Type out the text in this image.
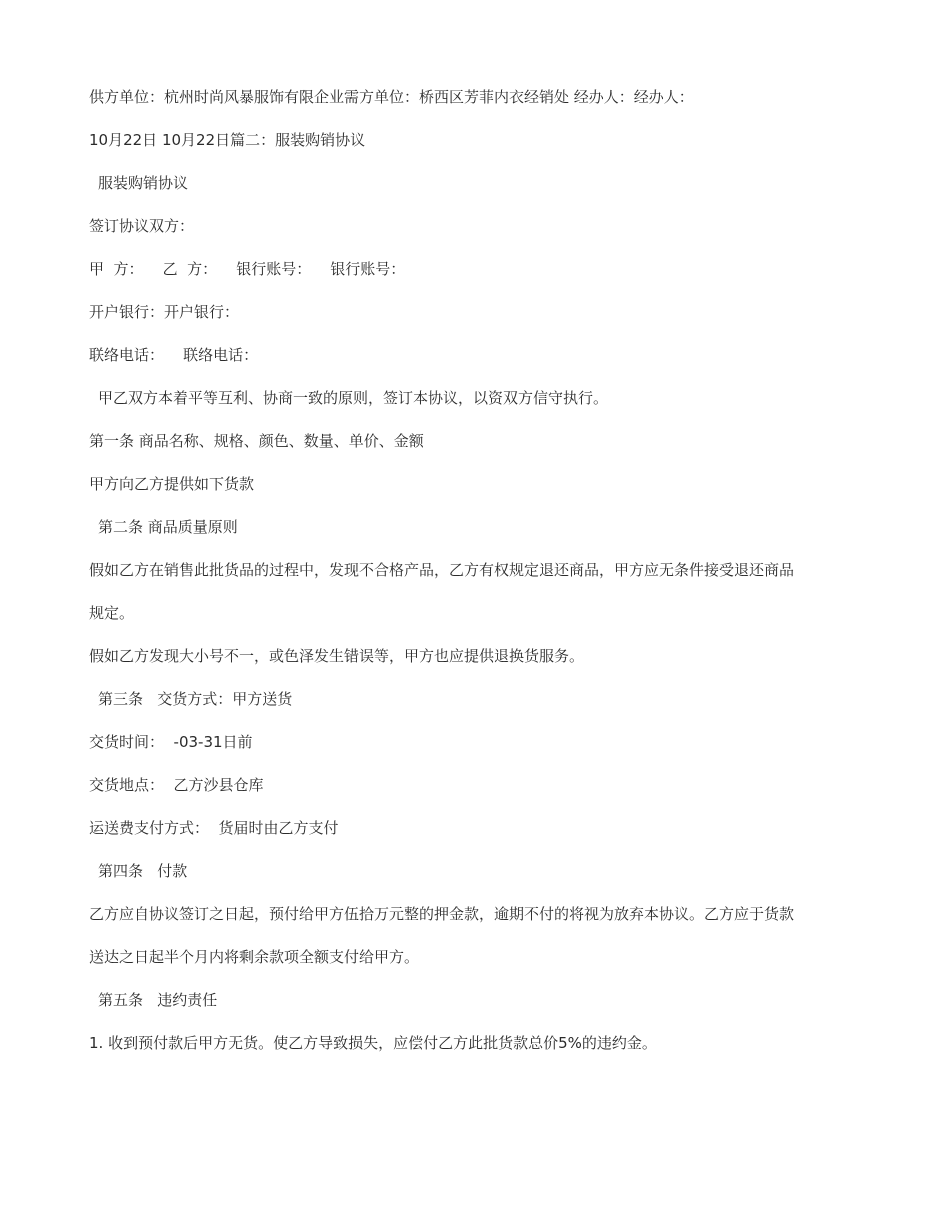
供方单位：杭州时尚风暴服饰有限企业需方单位：桥西区芳菲内衣经销处 经办人：经办人：

10月22日 10月22日篇二：服装购销协议

服装购销协议

签订协议双方：

甲  方：    乙  方：    银行账号：    银行账号：

开户银行：开户银行：

联络电话：    联络电话：

甲乙双方本着平等互利、协商一致的原则，签订本协议，以资双方信守执行。

第一条 商品名称、规格、颜色、数量、单价、金额

甲方向乙方提供如下货款

第二条 商品质量原则

假如乙方在销售此批货品的过程中，发现不合格产品，乙方有权规定退还商品，甲方应无条件接受退还商品

规定。

假如乙方发现大小号不一，或色泽发生错误等，甲方也应提供退换货服务。

第三条   交货方式：甲方送货

交货时间：  -03-31日前

交货地点：  乙方沙县仓库

运送费支付方式：  货届时由乙方支付

第四条   付款

乙方应自协议签订之日起，预付给甲方伍拾万元整的押金款，逾期不付的将视为放弃本协议。乙方应于货款

送达之日起半个月内将剩余款项全额支付给甲方。

第五条   违约责任

1. 收到预付款后甲方无货。使乙方导致损失，应偿付乙方此批货款总价5%的违约金。
